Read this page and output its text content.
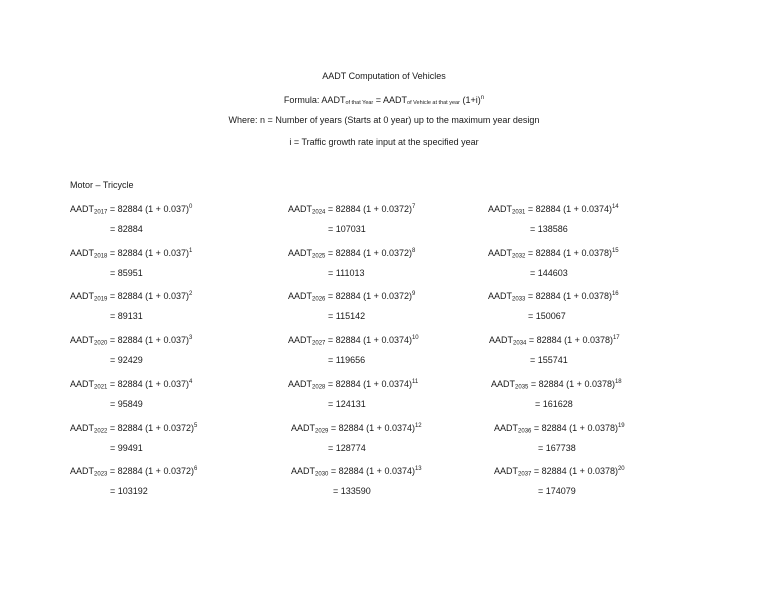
AADT Computation of Vehicles
Formula: AADTof that Year = AADTof Vehicle at that year $(1+i)^n$
Where: n = Number of years (Starts at 0 year) up to the maximum year design
i = Traffic growth rate input at the specified year
Motor – Tricycle
AADT2017 = 82884 $(1 + 0.037)^0$
= 82884
AADT2018 = 82884 $(1 + 0.037)^1$
= 85951
AADT2019 = 82884 $(1 + 0.037)^2$
= 89131
AADT2020 = 82884 $(1 + 0.037)^3$
= 92429
AADT2021 = 82884 $(1 + 0.037)^4$
= 95849
AADT2022 = 82884 $(1 + 0.0372)^5$
= 99491
AADT2023 = 82884 $(1 + 0.0372)^6$
= 103192
AADT2024 = 82884 $(1 + 0.0372)^7$
= 107031
AADT2025 = 82884 $(1 + 0.0372)^8$
= 111013
AADT2026 = 82884 $(1 + 0.0372)^9$
= 115142
AADT2027 = 82884 $(1 + 0.0374)^{10}$
= 119656
AADT2028 = 82884 $(1 + 0.0374)^{11}$
= 124131
AADT2029 = 82884 $(1 + 0.0374)^{12}$
= 128774
AADT2030 = 82884 $(1 + 0.0374)^{13}$
= 133590
AADT2031 = 82884 $(1 + 0.0374)^{14}$
= 138586
AADT2032 = 82884 $(1 + 0.0378)^{15}$
= 144603
AADT2033 = 82884 $(1 + 0.0378)^{16}$
= 150067
AADT2034 = 82884 $(1 + 0.0378)^{17}$
= 155741
AADT2035 = 82884 $(1 + 0.0378)^{18}$
= 161628
AADT2036 = 82884 $(1 + 0.0378)^{19}$
= 167738
AADT2037 = 82884 $(1 + 0.0378)^{20}$
= 174079
